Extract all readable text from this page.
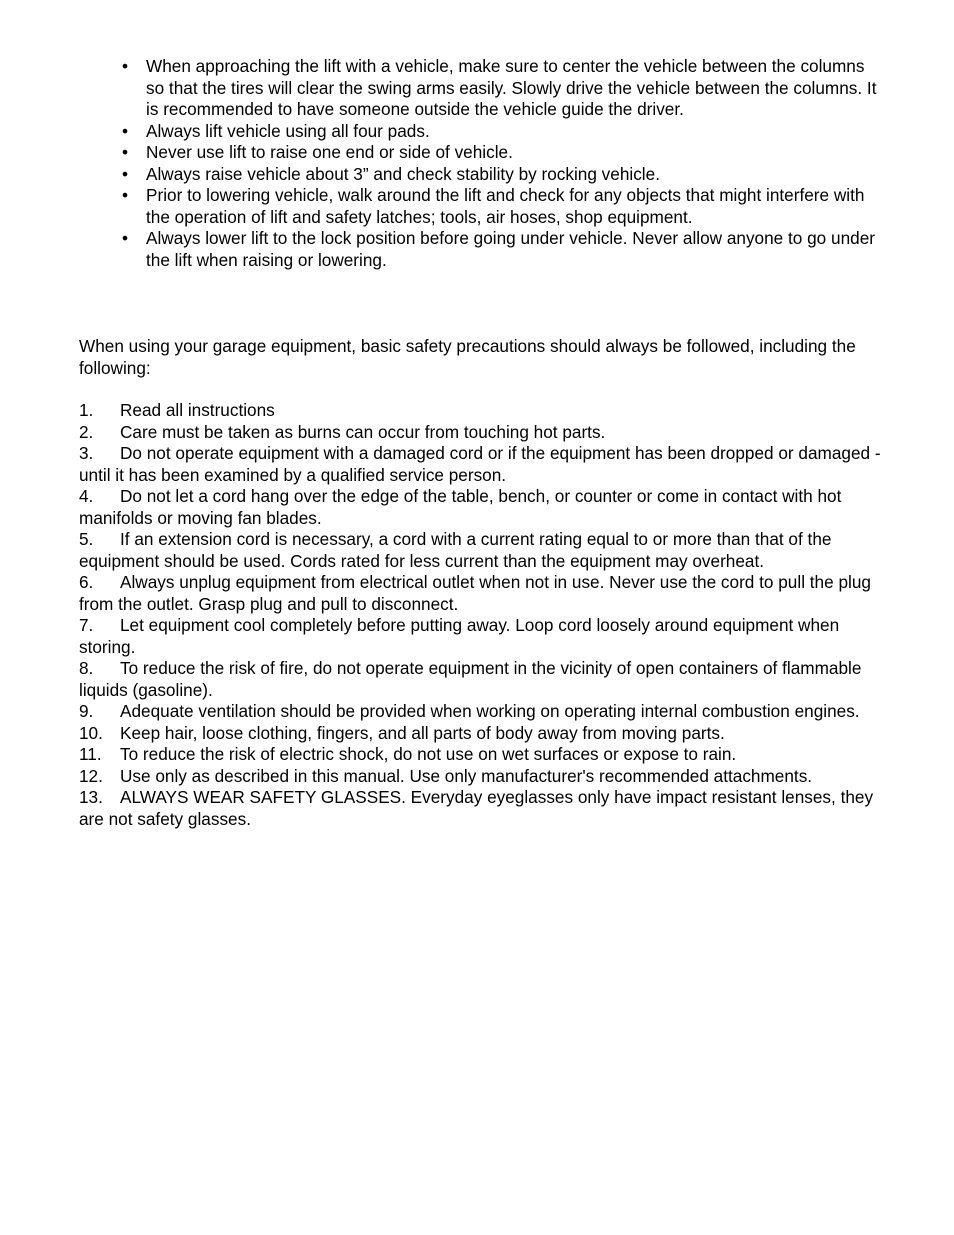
• When approaching the lift with a vehicle, make sure to center the vehicle between the columns so that the tires will clear the swing arms easily. Slowly drive the vehicle between the columns. It is recommended to have someone outside the vehicle guide the driver.
• Always lift vehicle using all four pads.
• Never use lift to raise one end or side of vehicle.
• Always raise vehicle about 3” and check stability by rocking vehicle.
• Prior to lowering vehicle, walk around the lift and check for any objects that might interfere with the operation of lift and safety latches; tools, air hoses, shop equipment.
• Always lower lift to the lock position before going under vehicle. Never allow anyone to go under the lift when raising or lowering.

When using your garage equipment, basic safety precautions should always be followed, including the following:

1. Read all instructions
2. Care must be taken as burns can occur from touching hot parts.
3. Do not operate equipment with a damaged cord or if the equipment has been dropped or damaged - until it has been examined by a qualified service person.
4. Do not let a cord hang over the edge of the table, bench, or counter or come in contact with hot manifolds or moving fan blades.
5. If an extension cord is necessary, a cord with a current rating equal to or more than that of the equipment should be used. Cords rated for less current than the equipment may overheat.
6. Always unplug equipment from electrical outlet when not in use. Never use the cord to pull the plug from the outlet. Grasp plug and pull to disconnect.
7. Let equipment cool completely before putting away. Loop cord loosely around equipment when storing.
8. To reduce the risk of fire, do not operate equipment in the vicinity of open containers of flammable liquids (gasoline).
9. Adequate ventilation should be provided when working on operating internal combustion engines.
10. Keep hair, loose clothing, fingers, and all parts of body away from moving parts.
11. To reduce the risk of electric shock, do not use on wet surfaces or expose to rain.
12. Use only as described in this manual. Use only manufacturer's recommended attachments.
13. ALWAYS WEAR SAFETY GLASSES. Everyday eyeglasses only have impact resistant lenses, they are not safety glasses.
